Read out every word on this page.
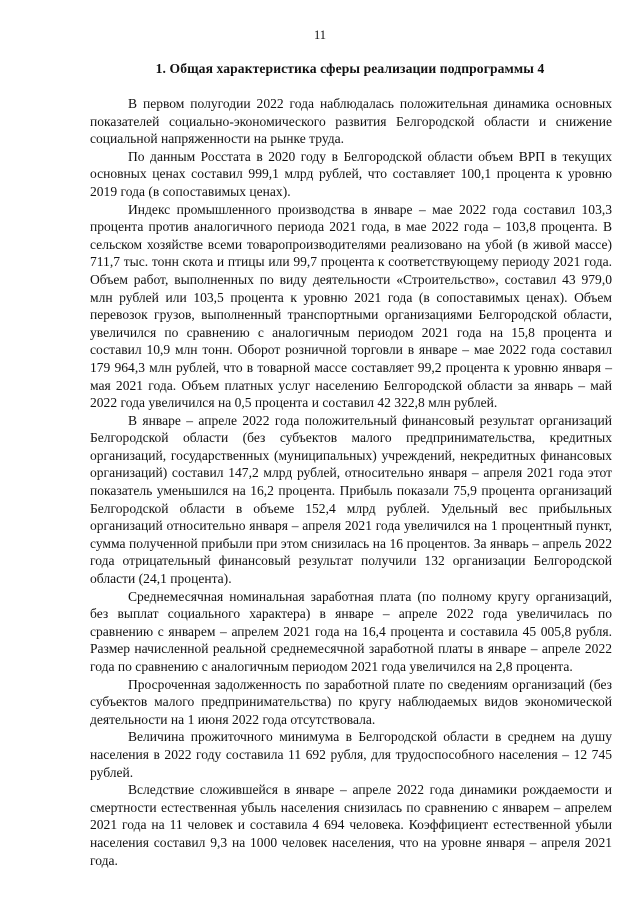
11
1. Общая характеристика сферы реализации подпрограммы 4

В первом полугодии 2022 года наблюдалась положительная динамика основных показателей социально-экономического развития Белгородской области и снижение социальной напряженности на рынке труда.

По данным Росстата в 2020 году в Белгородской области объем ВРП в текущих основных ценах составил 999,1 млрд рублей, что составляет 100,1 процента к уровню 2019 года (в сопоставимых ценах).

Индекс промышленного производства в январе – мае 2022 года составил 103,3 процента против аналогичного периода 2021 года, в мае 2022 года – 103,8 процента. В сельском хозяйстве всеми товаропроизводителями реализовано на убой (в живой массе) 711,7 тыс. тонн скота и птицы или 99,7 процента к соответствующему периоду 2021 года. Объем работ, выполненных по виду деятельности «Строительство», составил 43 979,0 млн рублей или 103,5 процента к уровню 2021 года (в сопоставимых ценах). Объем перевозок грузов, выполненный транспортными организациями Белгородской области, увеличился по сравнению с аналогичным периодом 2021 года на 15,8 процента и составил 10,9 млн тонн. Оборот розничной торговли в январе – мае 2022 года составил 179 964,3 млн рублей, что в товарной массе составляет 99,2 процента к уровню января – мая 2021 года. Объем платных услуг населению Белгородской области за январь – май 2022 года увеличился на 0,5 процента и составил 42 322,8 млн рублей.

В январе – апреле 2022 года положительный финансовый результат организаций Белгородской области (без субъектов малого предпринимательства, кредитных организаций, государственных (муниципальных) учреждений, некредитных финансовых организаций) составил 147,2 млрд рублей, относительно января – апреля 2021 года этот показатель уменьшился на 16,2 процента. Прибыль показали 75,9 процента организаций Белгородской области в объеме 152,4 млрд рублей. Удельный вес прибыльных организаций относительно января – апреля 2021 года увеличился на 1 процентный пункт, сумма полученной прибыли при этом снизилась на 16 процентов. За январь – апрель 2022 года отрицательный финансовый результат получили 132 организации Белгородской области (24,1 процента).

Среднемесячная номинальная заработная плата (по полному кругу организаций, без выплат социального характера) в январе – апреле 2022 года увеличилась по сравнению с январем – апрелем 2021 года на 16,4 процента и составила 45 005,8 рубля. Размер начисленной реальной среднемесячной заработной платы в январе – апреле 2022 года по сравнению с аналогичным периодом 2021 года увеличился на 2,8 процента.

Просроченная задолженность по заработной плате по сведениям организаций (без субъектов малого предпринимательства) по кругу наблюдаемых видов экономической деятельности на 1 июня 2022 года отсутствовала.

Величина прожиточного минимума в Белгородской области в среднем на душу населения в 2022 году составила 11 692 рубля, для трудоспособного населения – 12 745 рублей.

Вследствие сложившейся в январе – апреле 2022 года динамики рождаемости и смертности естественная убыль населения снизилась по сравнению с январем – апрелем 2021 года на 11 человек и составила 4 694 человека. Коэффициент естественной убыли населения составил 9,3 на 1000 человек населения, что на уровне января – апреля 2021 года.
